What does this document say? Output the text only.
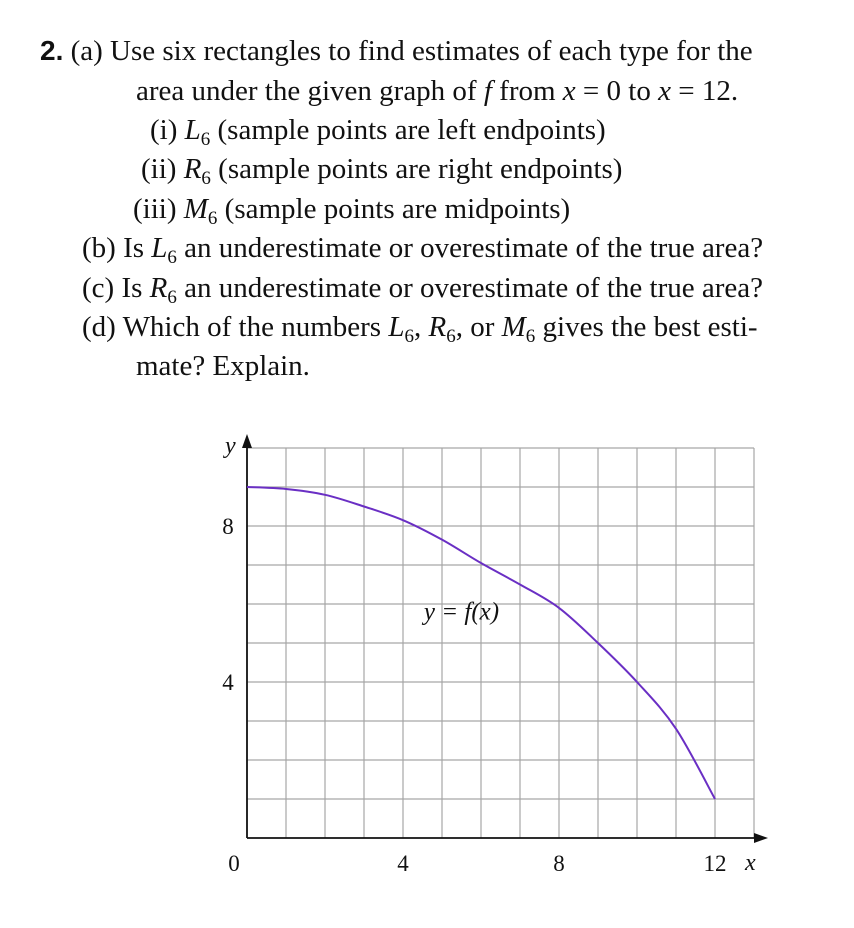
2. (a) Use six rectangles to find estimates of each type for the
area under the given graph of f from x = 0 to x = 12.
(i) $L_6$ (sample points are left endpoints)
(ii) $R_6$ (sample points are right endpoints)
(iii) $M_6$ (sample points are midpoints)
(b) Is $L_6$ an underestimate or overestimate of the true area?
(c) Is $R_6$ an underestimate or overestimate of the true area?
(d) Which of the numbers $L_6$, $R_6$, or $M_6$ gives the best esti-
mate? Explain.
0	4	8	12 x
4
8
y
y = f(x)
